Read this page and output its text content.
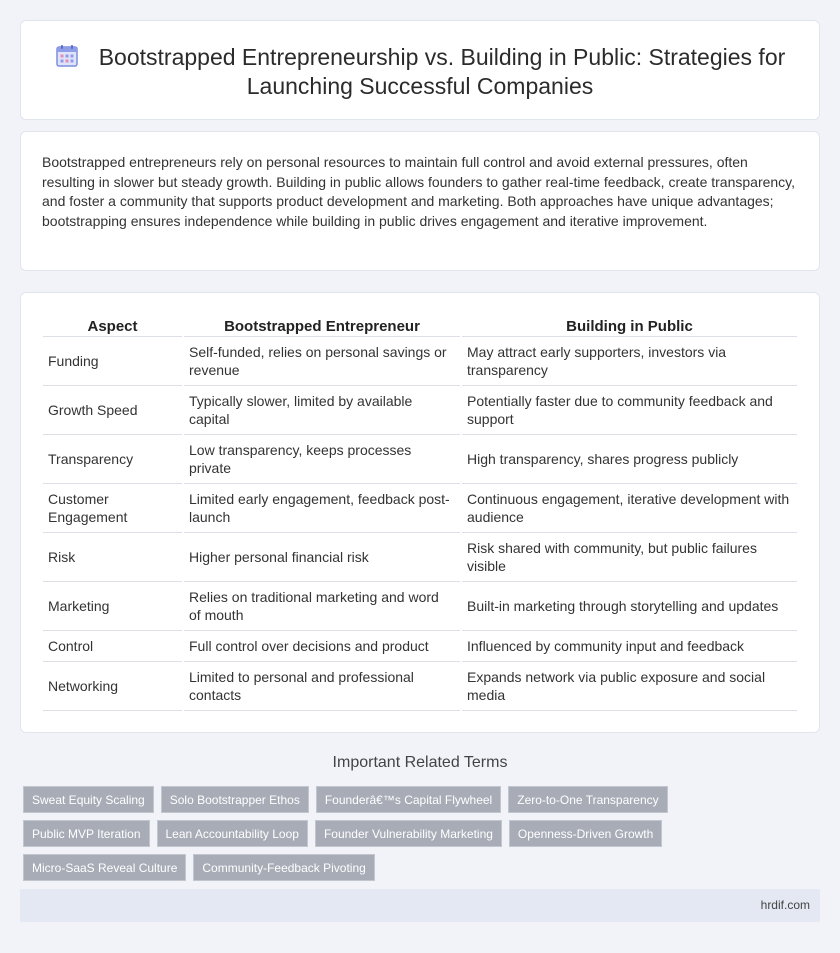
Bootstrapped Entrepreneurship vs. Building in Public: Strategies for Launching Successful Companies

Bootstrapped entrepreneurs rely on personal resources to maintain full control and avoid external pressures, often resulting in slower but steady growth. Building in public allows founders to gather real-time feedback, create transparency, and foster a community that supports product development and marketing. Both approaches have unique advantages; bootstrapping ensures independence while building in public drives engagement and iterative improvement.

Aspect	Bootstrapped Entrepreneur	Building in Public
Funding	Self-funded, relies on personal savings or revenue	May attract early supporters, investors via transparency
Growth Speed	Typically slower, limited by available capital	Potentially faster due to community feedback and support
Transparency	Low transparency, keeps processes private	High transparency, shares progress publicly
Customer Engagement	Limited early engagement, feedback post-launch	Continuous engagement, iterative development with audience
Risk	Higher personal financial risk	Risk shared with community, but public failures visible
Marketing	Relies on traditional marketing and word of mouth	Built-in marketing through storytelling and updates
Control	Full control over decisions and product	Influenced by community input and feedback
Networking	Limited to personal and professional contacts	Expands network via public exposure and social media
Important Related Terms
Sweat Equity Scaling	Solo Bootstrapper Ethos	Founderâ€™s Capital Flywheel	Zero-to-One Transparency
Public MVP Iteration	Lean Accountability Loop	Founder Vulnerability Marketing	Openness-Driven Growth
Micro-SaaS Reveal Culture	Community-Feedback Pivoting
hrdif.com
